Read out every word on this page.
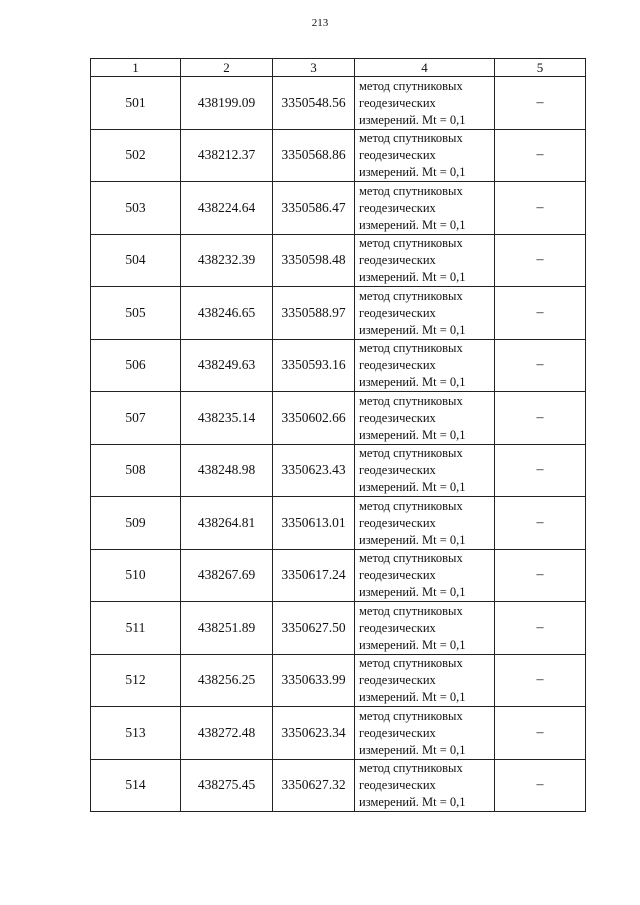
213
1	2	3	4	5
501	438199.09	3350548.56	метод спутниковых
геодезических
измерений. Mt = 0,1	–
502	438212.37	3350568.86	метод спутниковых
геодезических
измерений. Mt = 0,1	–
503	438224.64	3350586.47	метод спутниковых
геодезических
измерений. Mt = 0,1	–
504	438232.39	3350598.48	метод спутниковых
геодезических
измерений. Mt = 0,1	–
505	438246.65	3350588.97	метод спутниковых
геодезических
измерений. Mt = 0,1	–
506	438249.63	3350593.16	метод спутниковых
геодезических
измерений. Mt = 0,1	–
507	438235.14	3350602.66	метод спутниковых
геодезических
измерений. Mt = 0,1	–
508	438248.98	3350623.43	метод спутниковых
геодезических
измерений. Mt = 0,1	–
509	438264.81	3350613.01	метод спутниковых
геодезических
измерений. Mt = 0,1	–
510	438267.69	3350617.24	метод спутниковых
геодезических
измерений. Mt = 0,1	–
511	438251.89	3350627.50	метод спутниковых
геодезических
измерений. Mt = 0,1	–
512	438256.25	3350633.99	метод спутниковых
геодезических
измерений. Mt = 0,1	–
513	438272.48	3350623.34	метод спутниковых
геодезических
измерений. Mt = 0,1	–
514	438275.45	3350627.32	метод спутниковых
геодезических
измерений. Mt = 0,1	–
